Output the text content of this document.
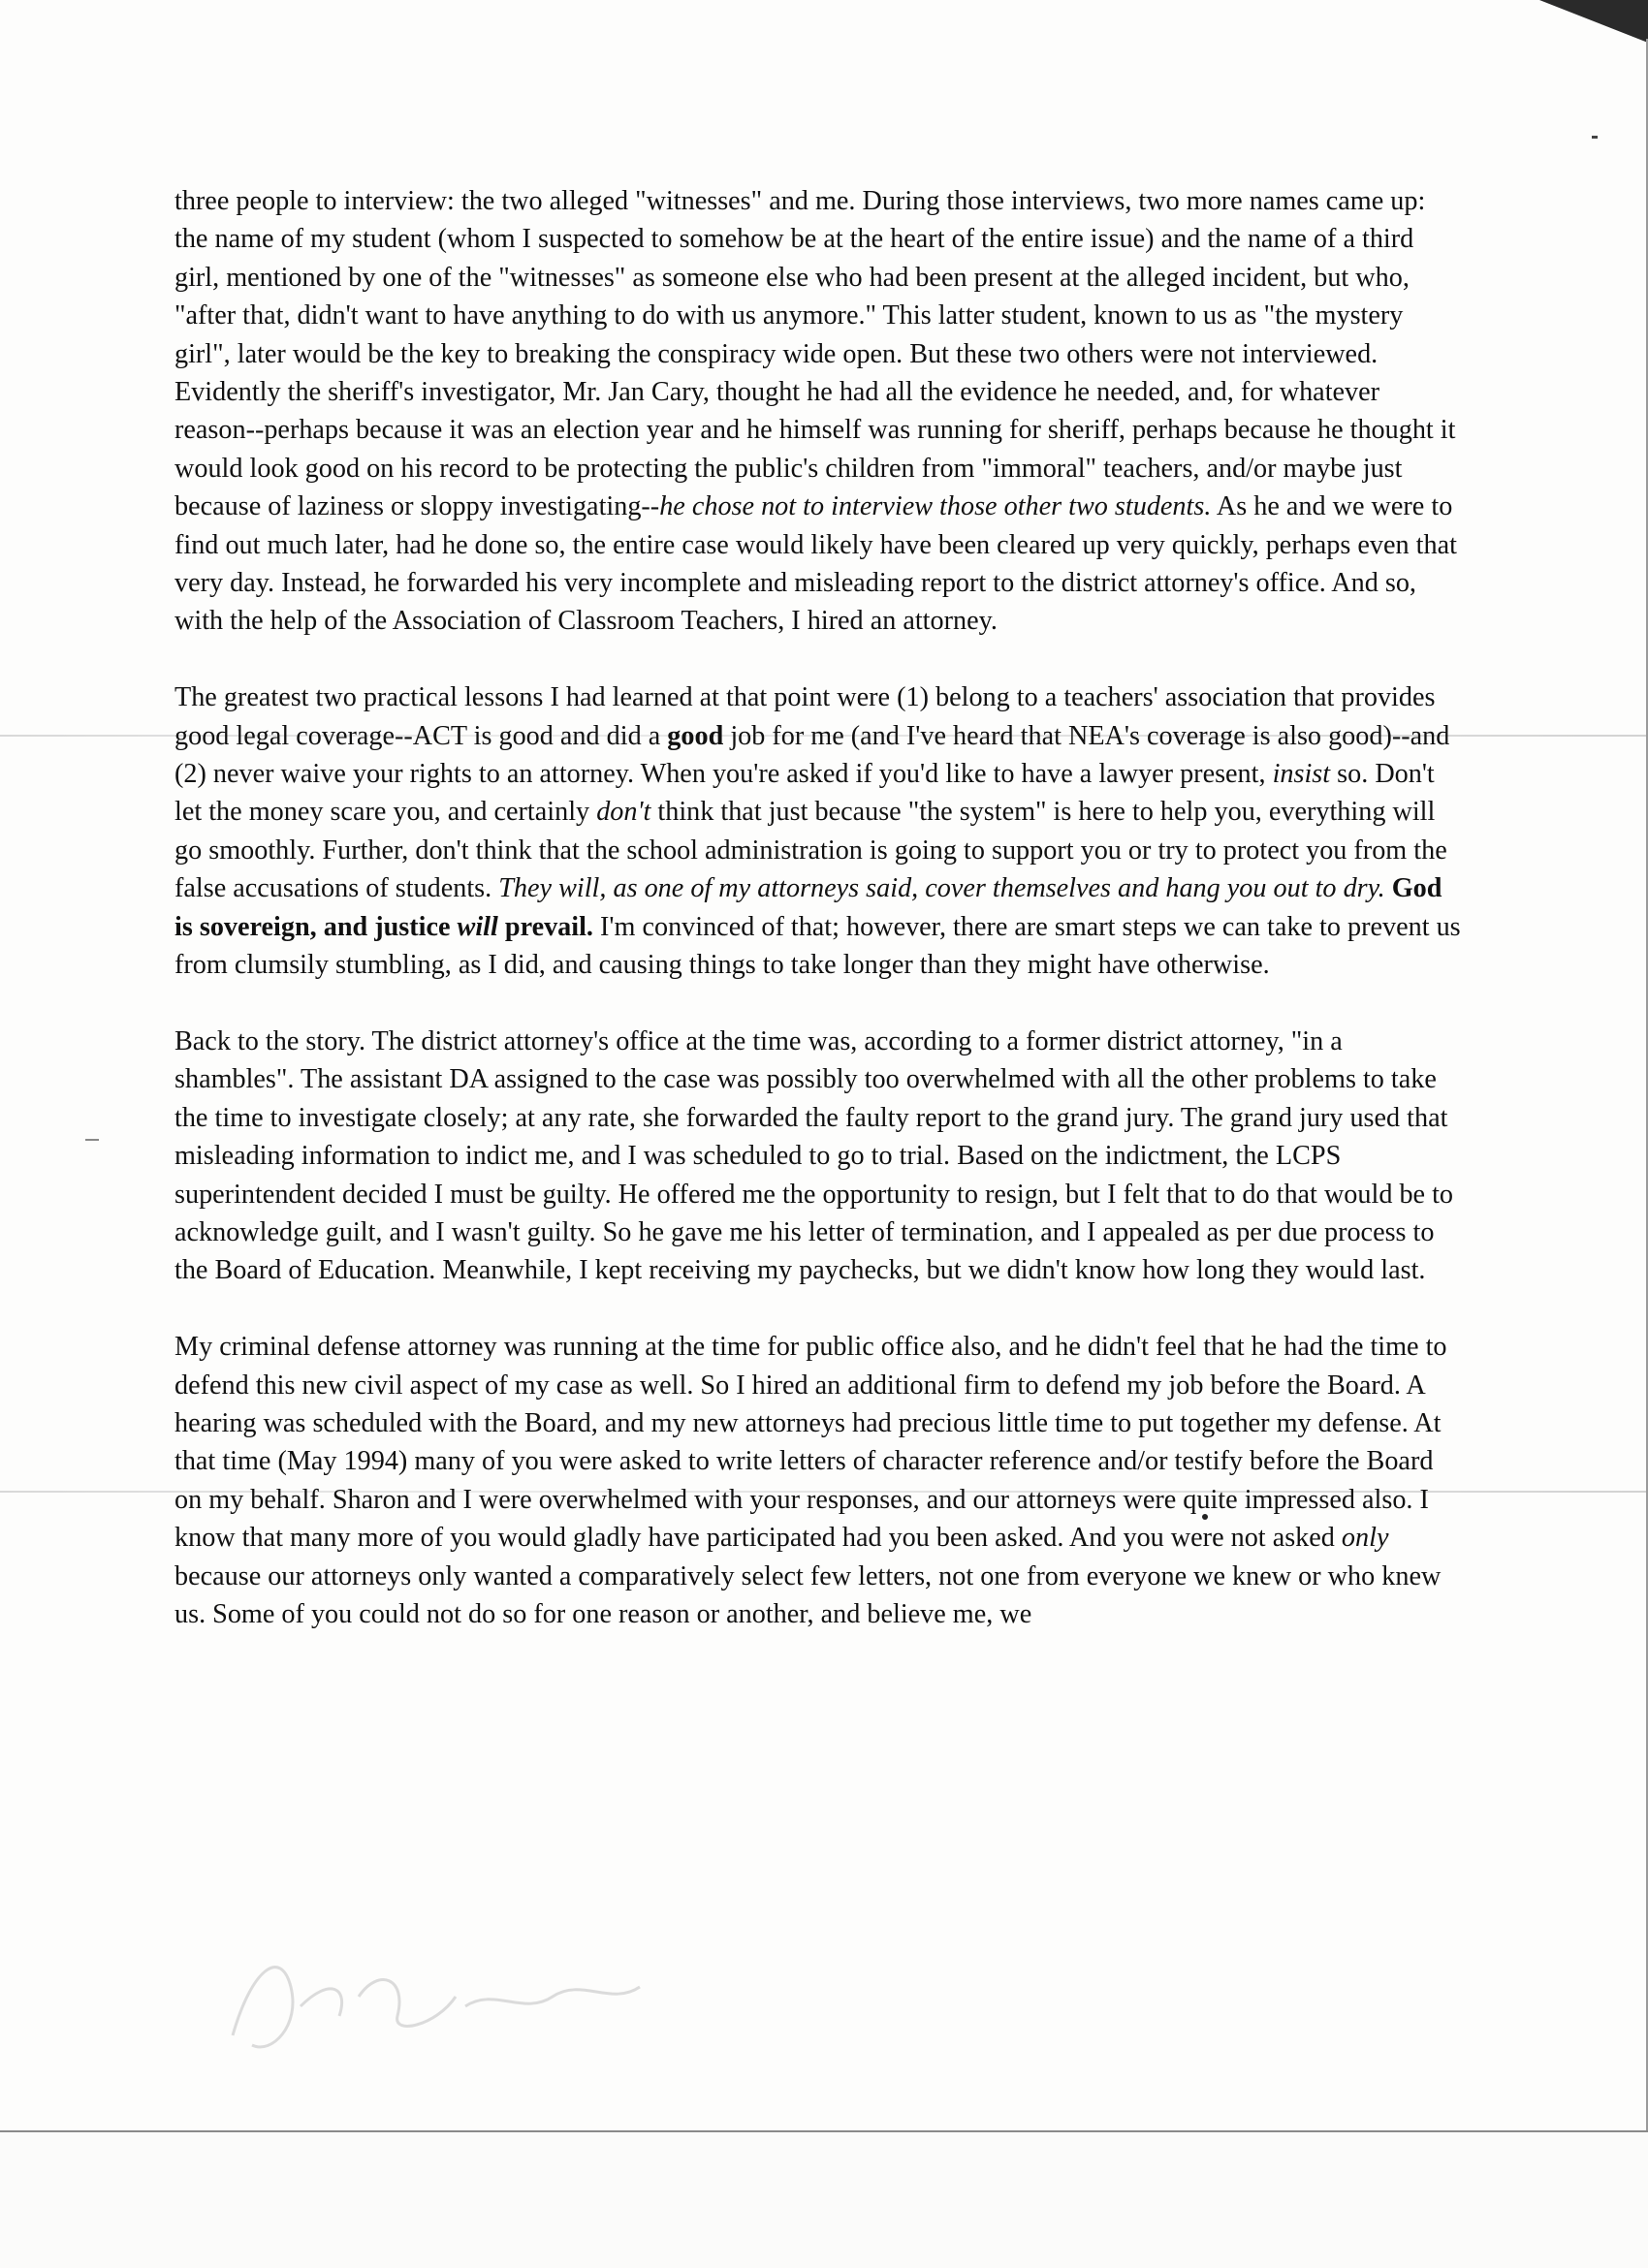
three people to interview: the two alleged "witnesses" and me. During those interviews, two more names came up: the name of my student (whom I suspected to somehow be at the heart of the entire issue) and the name of a third girl, mentioned by one of the "witnesses" as someone else who had been present at the alleged incident, but who, "after that, didn't want to have anything to do with us anymore." This latter student, known to us as "the mystery girl", later would be the key to breaking the conspiracy wide open. But these two others were not interviewed. Evidently the sheriff's investigator, Mr. Jan Cary, thought he had all the evidence he needed, and, for whatever reason--perhaps because it was an election year and he himself was running for sheriff, perhaps because he thought it would look good on his record to be protecting the public's children from "immoral" teachers, and/or maybe just because of laziness or sloppy investigating--he chose not to interview those other two students. As he and we were to find out much later, had he done so, the entire case would likely have been cleared up very quickly, perhaps even that very day. Instead, he forwarded his very incomplete and misleading report to the district attorney's office. And so, with the help of the Association of Classroom Teachers, I hired an attorney.

The greatest two practical lessons I had learned at that point were (1) belong to a teachers' association that provides good legal coverage--ACT is good and did a good job for me (and I've heard that NEA's coverage is also good)--and (2) never waive your rights to an attorney. When you're asked if you'd like to have a lawyer present, insist so. Don't let the money scare you, and certainly don't think that just because "the system" is here to help you, everything will go smoothly. Further, don't think that the school administration is going to support you or try to protect you from the false accusations of students. They will, as one of my attorneys said, cover themselves and hang you out to dry. God is sovereign, and justice will prevail. I'm convinced of that; however, there are smart steps we can take to prevent us from clumsily stumbling, as I did, and causing things to take longer than they might have otherwise.

Back to the story. The district attorney's office at the time was, according to a former district attorney, "in a shambles". The assistant DA assigned to the case was possibly too overwhelmed with all the other problems to take the time to investigate closely; at any rate, she forwarded the faulty report to the grand jury. The grand jury used that misleading information to indict me, and I was scheduled to go to trial. Based on the indictment, the LCPS superintendent decided I must be guilty. He offered me the opportunity to resign, but I felt that to do that would be to acknowledge guilt, and I wasn't guilty. So he gave me his letter of termination, and I appealed as per due process to the Board of Education. Meanwhile, I kept receiving my paychecks, but we didn't know how long they would last.

My criminal defense attorney was running at the time for public office also, and he didn't feel that he had the time to defend this new civil aspect of my case as well. So I hired an additional firm to defend my job before the Board. A hearing was scheduled with the Board, and my new attorneys had precious little time to put together my defense. At that time (May 1994) many of you were asked to write letters of character reference and/or testify before the Board on my behalf. Sharon and I were overwhelmed with your responses, and our attorneys were quite impressed also. I know that many more of you would gladly have participated had you been asked. And you were not asked only because our attorneys only wanted a comparatively select few letters, not one from everyone we knew or who knew us. Some of you could not do so for one reason or another, and believe me, we
